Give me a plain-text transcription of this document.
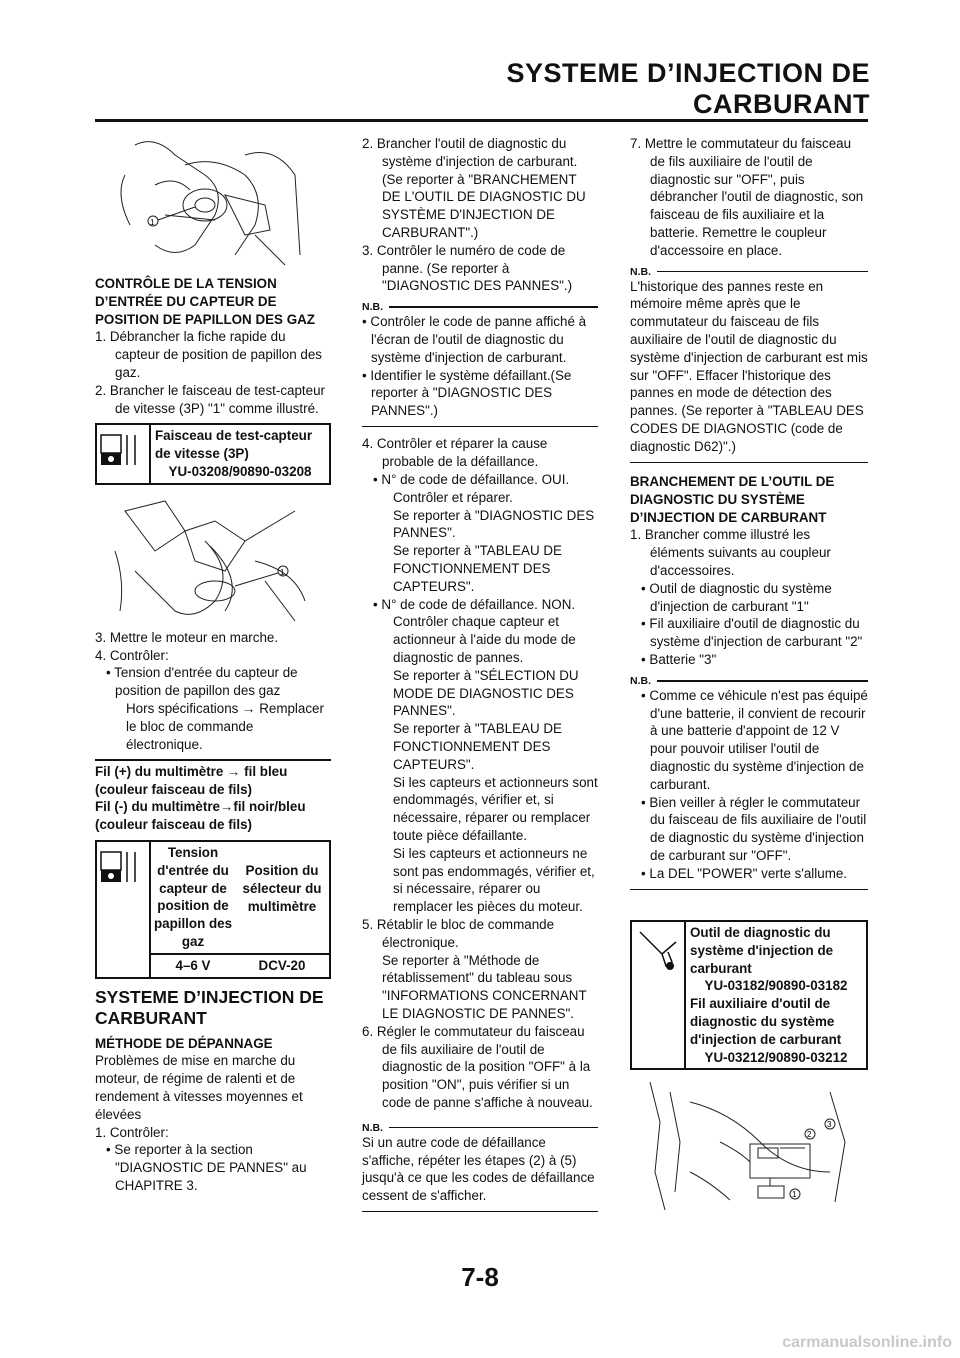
SYSTEME D’INJECTION DE CARBURANT
1
CONTRÔLE DE LA TENSION
D’ENTRÉE DU CAPTEUR DE
POSITION DE PAPILLON DES GAZ

1. Débrancher la fiche rapide du capteur de position de papillon des gaz.

2. Brancher le faisceau de test-capteur de vitesse (3P) "1" comme illustré.

Faisceau de test-capteur
de vitesse (3P)
YU-03208/90890-03208
1

3. Mettre le moteur en marche.

4. Contrôler:

• Tension d'entrée du capteur de position de papillon des gaz

Hors spécifications → Remplacer le bloc de commande électronique.

Fil (+) du multimètre → fil bleu
(couleur faisceau de fils)
Fil (-) du multimètre→fil noir/bleu
(couleur faisceau de fils)
Tension d'entrée du capteur de position de papillon des gaz
Position du sélecteur du multimètre
4–6 V	DCV-20
SYSTEME D’INJECTION DE CARBURANT
MÉTHODE DE DÉPANNAGE

Problèmes de mise en marche du moteur, de régime de ralenti et de rendement à vitesses moyennes et élevées

1. Contrôler:

• Se reporter à la section "DIAGNOSTIC DE PANNES" au CHAPITRE 3.

2. Brancher l'outil de diagnostic du système d'injection de carburant. (Se reporter à "BRANCHEMENT DE L'OUTIL DE DIAGNOSTIC DU SYSTÈME D'INJECTION DE CARBURANT".)

3. Contrôler le numéro de code de panne. (Se reporter à "DIAGNOSTIC DES PANNES".)

N.B.

• Contrôler le code de panne affiché à l'écran de l'outil de diagnostic du système d'injection de carburant.

• Identifier le système défaillant.(Se reporter à "DIAGNOSTIC DES PANNES".)

4. Contrôler et réparer la cause probable de la défaillance.

• N° de code de défaillance. OUI.

Contrôler et réparer.

Se reporter à "DIAGNOSTIC DES PANNES".

Se reporter à "TABLEAU DE FONCTIONNEMENT DES CAPTEURS".

• N° de code de défaillance. NON.

Contrôler chaque capteur et actionneur à l'aide du mode de diagnostic de pannes.

Se reporter à "SÉLECTION DU MODE DE DIAGNOSTIC DES PANNES".

Se reporter à "TABLEAU DE FONCTIONNEMENT DES CAPTEURS".

Si les capteurs et actionneurs sont endommagés, vérifier et, si nécessaire, réparer ou remplacer toute pièce défaillante.

Si les capteurs et actionneurs ne sont pas endommagés, vérifier et, si nécessaire, réparer ou remplacer les pièces du moteur.

5. Rétablir le bloc de commande électronique.

Se reporter à "Méthode de rétablissement" du tableau sous "INFORMATIONS CONCERNANT LE DIAGNOSTIC DE PANNES".

6. Régler le commutateur du faisceau de fils auxiliaire de l'outil de diagnostic de la position "OFF" à la position "ON", puis vérifier si un code de panne s'affiche à nouveau.

N.B.

Si un autre code de défaillance s'affiche, répéter les étapes (2) à (5) jusqu'à ce que les codes de défaillance cessent de s'afficher.

7. Mettre le commutateur du faisceau de fils auxiliaire de l'outil de diagnostic sur "OFF", puis débrancher l'outil de diagnostic, son faisceau de fils auxiliaire et la batterie. Remettre le coupleur d'accessoire en place.

N.B.

L'historique des pannes reste en mémoire même après que le commutateur du faisceau de fils auxiliaire de l'outil de diagnostic du système d'injection de carburant est mis sur "OFF". Effacer l'historique des pannes en mode de détection des pannes. (Se reporter à "TABLEAU DES CODES DE DIAGNOSTIC (code de diagnostic D62)".)

BRANCHEMENT DE L’OUTIL DE
DIAGNOSTIC DU SYSTÈME
D’INJECTION DE CARBURANT

1. Brancher comme illustré les éléments suivants au coupleur d'accessoires.

• Outil de diagnostic du système d'injection de carburant "1"

• Fil auxiliaire d'outil de diagnostic du système d'injection de carburant "2"

• Batterie "3"

N.B.

• Comme ce véhicule n'est pas équipé d'une batterie, il convient de recourir à une batterie d'appoint de 12 V pour pouvoir utiliser l'outil de diagnostic du système d'injection de carburant.

• Bien veiller à régler le commutateur du faisceau de fils auxiliaire de l'outil de diagnostic du système d'injection de carburant sur "OFF".

• La DEL "POWER" verte s'allume.

Outil de diagnostic du système d'injection de carburant
YU-03182/90890-03182
Fil auxiliaire d'outil de diagnostic du système d'injection de carburant
YU-03212/90890-03212
1
2
3
7-8
carmanualsonline.info
